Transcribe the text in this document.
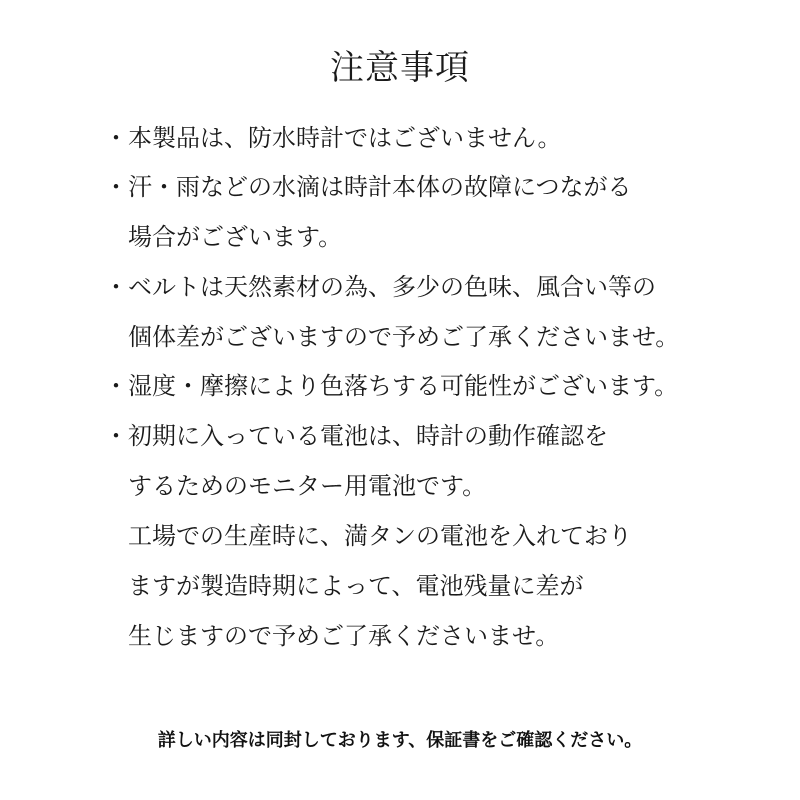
注意事項
・本製品は、防水時計ではございません。
・汗・雨などの水滴は時計本体の故障につながる
　場合がございます。
・ベルトは天然素材の為、多少の色味、風合い等の
　個体差がございますので予めご了承くださいませ。
・湿度・摩擦により色落ちする可能性がございます。
・初期に入っている電池は、時計の動作確認を
　するためのモニター用電池です。
　工場での生産時に、満タンの電池を入れており
　ますが製造時期によって、電池残量に差が
　生じますので予めご了承くださいませ。
詳しい内容は同封しております、保証書をご確認ください。
